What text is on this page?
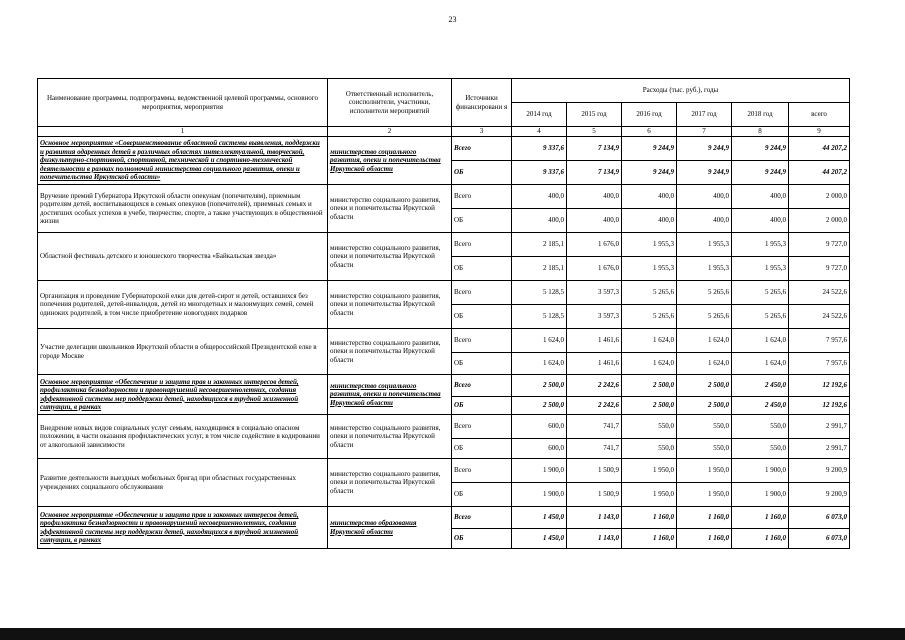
23
Наименование программы, подпрограммы, ведомственной целевой программы, основного мероприятия, мероприятия	Ответственный исполнитель, соисполнители, участники, исполнители мероприятий	Источники финансировани я	Расходы (тыс. руб.), годы					
			2014 год	2015 год	2016 год	2017 год	2018 год	всего
1	2	3	4	5	6	7	8	9
Основное мероприятие «Совершенствование областной системы выявления, поддержки и развития одаренных детей в различных областях интеллектуальной, творческой, физкультурно-спортивной, спортивной, технической и спортивно-технической деятельности в рамках полномочий министерства социального развития, опеки и попечительства Иркутской области»	министерство социального развития, опеки и попечительства Иркутской области	Всего	9 337,6	7 134,9	9 244,9	9 244,9	9 244,9	44 207,2
		ОБ	9 337,6	7 134,9	9 244,9	9 244,9	9 244,9	44 207,2
Вручение премий Губернатора Иркутской области опекунам (попечителям), приемным родителям детей, воспитывающихся в семьях опекунов (попечителей), приемных семьях и достигших особых успехов в учебе, творчестве, спорте, а также участвующих в общественной жизни	министерство социального развития, опеки и попечительства Иркутской области	Всего	400,0	400,0	400,0	400,0	400,0	2 000,0
		ОБ	400,0	400,0	400,0	400,0	400,0	2 000,0
Областной фестиваль детского и юношеского творчества «Байкальская звезда»	министерство социального развития, опеки и попечительства Иркутской области	Всего	2 185,1	1 676,0	1 955,3	1 955,3	1 955,3	9 727,0
		ОБ	2 185,1	1 676,0	1 955,3	1 955,3	1 955,3	9 727,0
Организация и проведение Губернаторской елки для детей-сирот и детей, оставшихся без попечения родителей, детей-инвалидов, детей из многодетных и малоимущих семей, семей одиноких родителей, в том числе приобретение новогодних подарков	министерство социального развития, опеки и попечительства Иркутской области	Всего	5 128,5	3 597,3	5 265,6	5 265,6	5 265,6	24 522,6
		ОБ	5 128,5	3 597,3	5 265,6	5 265,6	5 265,6	24 522,6
Участие делегации школьников Иркутской области в общероссийской Президентской елке в городе Москве	министерство социального развития, опеки и попечительства Иркутской области	Всего	1 624,0	1 461,6	1 624,0	1 624,0	1 624,0	7 957,6
		ОБ	1 624,0	1 461,6	1 624,0	1 624,0	1 624,0	7 957,6
Основное мероприятие «Обеспечение и защита прав и законных интересов детей, профилактика безнадзорности и правонарушений несовершеннолетних, создания эффективной системы мер поддержки детей, находящихся в трудной жизненной ситуации, в рамках	министерство социального развития, опеки и попечительства Иркутской области	Всего	2 500,0	2 242,6	2 500,0	2 500,0	2 450,0	12 192,6
		ОБ	2 500,0	2 242,6	2 500,0	2 500,0	2 450,0	12 192,6
Внедрение новых видов социальных услуг семьям, находящимся в социально опасном положении, в части оказания профилактических услуг, в том числе содействие в кодировании от алкогольной зависимости	министерство социального развития, опеки и попечительства Иркутской области	Всего	600,0	741,7	550,0	550,0	550,0	2 991,7
		ОБ	600,0	741,7	550,0	550,0	550,0	2 991,7
Развитие деятельности выездных мобильных бригад при областных государственных учреждениях социального обслуживания	министерство социального развития, опеки и попечительства Иркутской области	Всего	1 900,0	1 500,9	1 950,0	1 950,0	1 900,0	9 200,9
		ОБ	1 900,0	1 500,9	1 950,0	1 950,0	1 900,0	9 200,9
Основное мероприятие «Обеспечение и защита прав и законных интересов детей, профилактика безнадзорности и правонарушений несовершеннолетних, создания эффективной системы мер поддержки детей, находящихся в трудной жизненной ситуации, в рамках	министерство образования Иркутской области	Всего	1 450,0	1 143,0	1 160,0	1 160,0	1 160,0	6 073,0
		ОБ	1 450,0	1 143,0	1 160,0	1 160,0	1 160,0	6 073,0
